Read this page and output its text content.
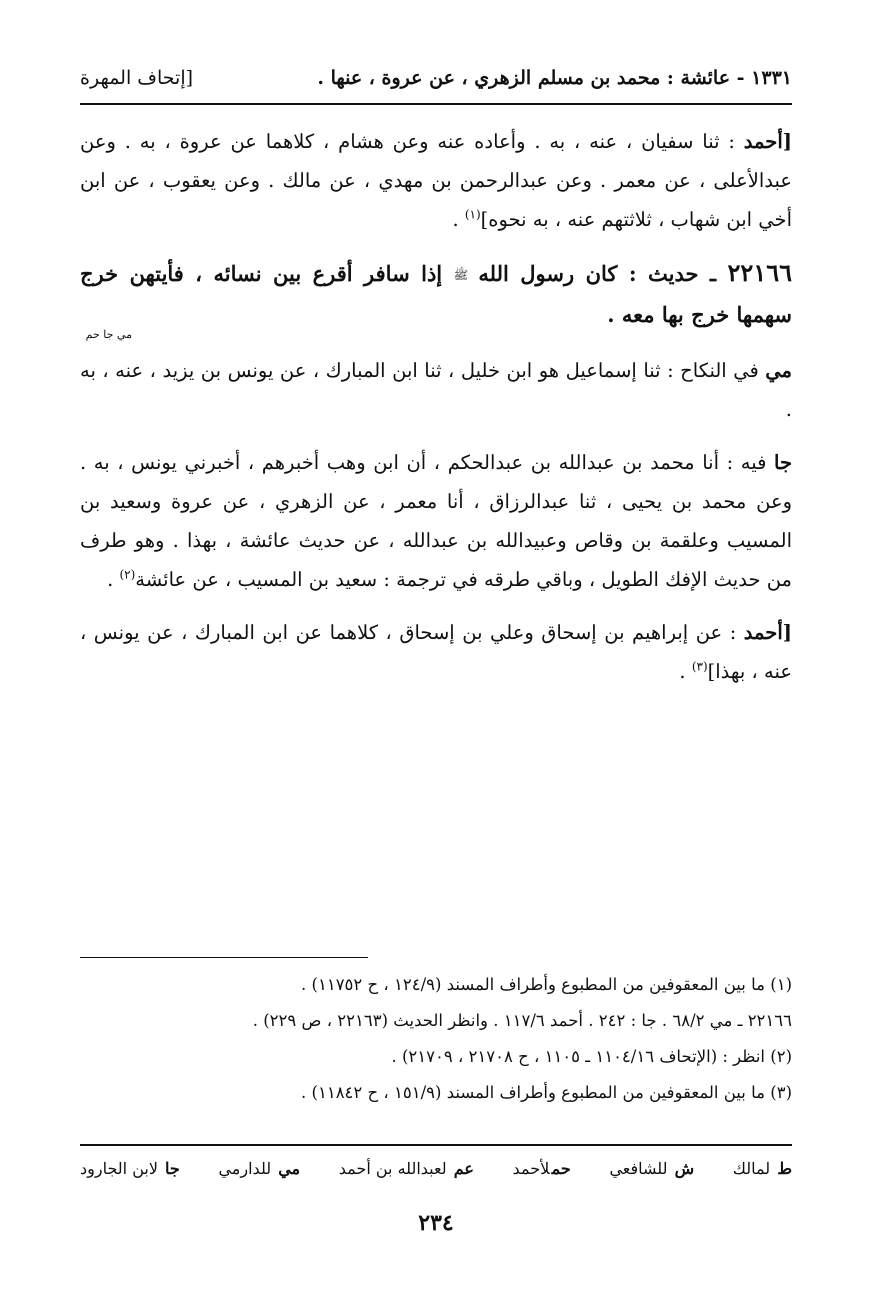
١٣٣١ - عائشة : محمد بن مسلم الزهري ، عن عروة ، عنها .
[إتحاف المهرة

[أحمد : ثنا سفيان ، عنه ، به . وأعاده عنه وعن هشام ، كلاهما عن عروة ، به . وعن عبدالأعلى ، عن معمر . وعن عبدالرحمن بن مهدي ، عن مالك . وعن يعقوب ، عن ابن أخي ابن شهاب ، ثلاثتهم عنه ، به نحوه]$^{(١)}$ .

٢٢١٦٦ ـ حديث : كان رسول الله ﷺ إذا سافر أقرع بين نسائه ، فأيتهن خرج سهمها خرج بها معه .
مي جا حم

مي في النكاح : ثنا إسماعيل هو ابن خليل ، ثنا ابن المبارك ، عن يونس بن يزيد ، عنه ، به .

جا فيه : أنا محمد بن عبدالله بن عبدالحكم ، أن ابن وهب أخبرهم ، أخبرني يونس ، به . وعن محمد بن يحيى ، ثنا عبدالرزاق ، أنا معمر ، عن الزهري ، عن عروة وسعيد بن المسيب وعلقمة بن وقاص وعبيدالله بن عبدالله ، عن حديث عائشة ، بهذا . وهو طرف من حديث الإفك الطويل ، وباقي طرقه في ترجمة : سعيد بن المسيب ، عن عائشة$^{(٢)}$ .

[أحمد : عن إبراهيم بن إسحاق وعلي بن إسحاق ، كلاهما عن ابن المبارك ، عن يونس ، عنه ، بهذا]$^{(٣)}$ .

(١) ما بين المعقوفين من المطبوع وأطراف المسند (١٢٤/٩ ، ح ١١٧٥٢) .

٢٢١٦٦ ـ مي ٦٨/٢ . جا : ٢٤٢ . أحمد ١١٧/٦ . وانظر الحديث (٢٢١٦٣ ، ص ٢٢٩) .

(٢) انظر : (الإتحاف ١١٠٤/١٦ ـ ١١٠٥ ، ح ٢١٧٠٨ ، ٢١٧٠٩) .

(٣) ما بين المعقوفين من المطبوع وأطراف المسند (١٥١/٩ ، ح ١١٨٤٢) .

ط لمالك
ش للشافعي
حملأحمد
عم لعبدالله بن أحمد
مي للدارمي
جا لابن الجارود
٢٣٤
